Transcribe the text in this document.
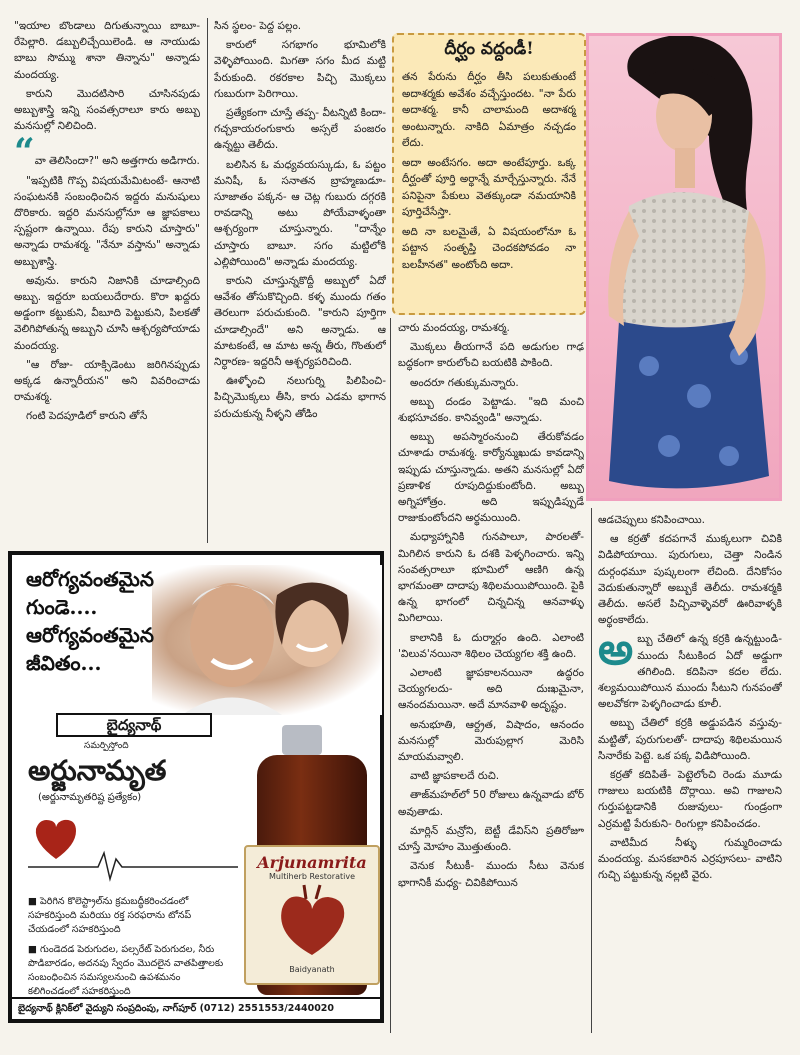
"ఇయాల బొండాలు దిగుతున్నాయి బాబూ- రేపెల్లారి. డబ్బులిచ్చేయిలెండి. ఆ నాయుడు బాబు సొమ్ము శానా తిన్నాను" అన్నాడు మందయ్య.

కారుని మొదటిసారి చూసినపుడు అబ్బుశాస్త్రి ఇన్ని సంవత్సరాలూ కారు అబ్బు మనసుల్లో నిలిచింది.

“వా తెలిసిందా?" అని అత్తగారు అడిగారు.

"ఇప్పటికి గొప్ప విషయమేమిటంటే- ఆనాటి సంఘటనకి సంబంధించిన ఇద్దరు మనుషులు దొరికారు. ఇద్దరి మనసుల్లోనూ ఆ జ్ఞాపకాలు స్పష్టంగా ఉన్నాయి. రేపు కారుని చూస్తారు" అన్నాడు రామశర్మ. "నేనూ వస్తాను" అన్నాడు అబ్బుశాస్త్రి.

అవును. కారుని నిజానికి చూడాల్సింది అబ్బు. ఇద్దరూ బయలుదేరారు. కొరా ఖద్దరు అడ్డంగా కట్టుకుని, వీబూది పెట్టుకుని, పిలకతో వెలిగిపోతున్న అబ్బుని చూసి ఆశ్చర్యపోయాడు మందయ్య.

"ఆ రోజు- యాక్సిడెంటు జరిగినప్పుడు అక్కడ ఉన్నారీయన" అని వివరించాడు రామశర్మ.

గంటి పెదపూడిలో కారుని తోసే

సిన స్థలం- పెద్ద పల్లం.

కారులో సగభాగం భూమిలోకి వెళ్ళిపోయింది. మిగతా సగం మీద మట్టి పేరుకుంది. రకరకాల పిచ్చి మొక్కలు గుబురుగా పెరిగాయి.

ప్రత్యేకంగా చూస్తే తప్ప- వీటన్నిటి కిందా- గచ్చకాయరంగుకారు అస్సలే పంజరం ఉన్నట్టు తెలీదు.

బలిసిన ఓ మధ్యవయస్కుడు, ఓ పట్టం మనిషీ, ఓ సనాతన బ్రాహ్మణుడూ- సూజాతం పక్కన- ఆ చెట్ల గుబురు దగ్గరకి రావడాన్ని అటు పోయేవాళ్ళంతా ఆశ్చర్యంగా చూస్తున్నారు. "దాన్నేం చూస్తారు బాబూ. సగం మట్టిలోకి ఎల్లిపోయింది" అన్నాడు మందయ్య.

కారుని చూస్తున్నకొద్దీ అబ్బులో ఏదో ఆవేశం తోసుకొచ్చింది. కళ్ళ ముందు గతం తెరలుగా పరుచుకుంది. "కారుని పూర్తిగా చూడాల్సిందే" అని అన్నాడు. ఆ మాటకంటే, ఆ మాట అన్న తీరు, గొంతులో నిర్ధారణ- ఇద్దరినీ ఆశ్చర్యపరిచింది.

ఊళ్ళోంచి నలుగుర్ని పిలిపించి- పిచ్చిమొక్కలు తీసి, కారు ఎడమ భాగాన పరుచుకున్న నీళ్ళని తోడిం

దీర్ఘం వద్దండీ!

తన పేరును దీర్ఘం తీసి పలుకుతుంటే అదాశర్మకు అవేశం వచ్చేస్తుందట. "నా పేరు అదాశర్మ. కానీ చాలామంది అదాశర్మ అంటున్నారు. నాకిది ఏమాత్రం నచ్చడం లేదు.

అదా అంటేసగం. అదా అంటేపూర్తు. ఒక్క దీర్ఘంతో పూర్తి అర్థాన్నే మార్చేస్తున్నారు. నేనే పనిపైనా పేకులు వెతక్కుండా నమయానికి పూర్తిచేసేస్తా.

అది నా బలమైతే, ఏ విషయంలోనూ ఓ పట్టాన సంతృప్తి చెందకపోవడం నా బలహీనత" అంటోంది అదా.

చారు మందయ్య, రామశర్మ.

మొక్కలు తీయగానే పది అడుగుల గాఢ బద్ధకంగా కారులోంచి బయటికి పాకింది.

అందరూ గతుక్కుమన్నారు.

అబ్బు దండం పెట్టాడు. "ఇది మంచి శుభసూచకం. కానివ్వండి" అన్నాడు.

అబ్బు అపస్మారంనుంచి తేరుకోవడం చూశాడు రామశర్మ. కార్యోన్ముఖుడు కావడాన్ని ఇప్పుడు చూస్తున్నాడు. అతని మనసుల్లో ఏదో ప్రణాళిక రూపుదిద్దుకుంటోంది. అబ్బు అగ్నిహోత్రం. అది ఇప్పుడిప్పుడే రాజుకుంటోందని అర్థమయింది.

మధ్యాహ్నానికి గునపాలూ, పారలతో- మిగిలిన కారుని ఓ దశకి పెళ్ళగించారు. ఇన్ని సంవత్సరాలూ భూమిలో ఆణిగి ఉన్న భాగమంతా దాదాపు శిథిలమయిపోయింది. పైకి ఉన్న భాగంలో చిన్నచిన్న ఆనవాళ్ళు మిగిలాయి.

కాలానికి ఓ దుర్మార్గం ఉంది. ఎలాంటి 'విలువ'నయినా శిథిలం చెయ్యగల శక్తి ఉంది.

ఎలాంటి జ్ఞాపకాలనయినా ఉద్ధరం చెయ్యగలదు- అది దుఃఖమైనా, ఆనందమయినా. అదే మానవాళి అదృష్టం.

అనుభూతి, ఆర్ద్రత, విషాదం, ఆనందం మనసుల్లో మెరుపుల్లాగ మెరిసి మాయమవ్వాలి.

వాటి జ్ఞాపకాలదే రుచి.

తాజ్‌మహల్‌లో 50 రోజులు ఉన్నవాడు బోర్ అవుతాడు.

మార్లిన్ మన్రోని, బెట్టీ డేవిస్‌ని ప్రతిరోజూ చూస్తే మోహం మొత్తుతుంది.

వెనుక సీటుకీ- ముందు సీటు వెనుక భాగానికీ మధ్య- చివికిపోయిన

ఆడచెప్పులు కనిపించాయి.

ఆ కర్రతో కదపగానే ముక్కలుగా చివికి విడిపోయాయి. పురుగులు, చెత్తా నిండిన దుర్గంధమూ పుష్కలంగా లేచింది. దేనికోసం వెదుకుతున్నారో అబ్బుకే తెలీదు. రామశర్మకి తెలీదు. అసలే పిచ్చివాళ్ళెవరో ఊరివాళ్ళకి అర్థంకాలేదు.

అబ్బు చేతిలో ఉన్న కర్రకి ఉన్నట్టుండి- ముందు సీటుకింద ఏదో అడ్డుగా తగిలింది. కదిపినా కదల లేదు. శల్యమయిపోయిన ముందు సీటుని గునపంతో అలవోకగా పెళ్ళగించాడు కూలీ.

అబ్బు చేతిలో కర్రకి అడ్డుపడిన వస్తువు- మట్టితో, పురుగులతో- దాదాపు శిథిలమయిన సినారేకు పెట్టె. ఒక పక్క విడిపోయింది.

కర్రతో కదిపితే- పెట్టెలోంచి రెండు మూడు గాజులు బయటికి దొర్లాయి. అవి గాజులని గుర్తుపట్టడానికి రుజువులు- గుండ్రంగా ఎర్రమట్టి పేరుకుని- రింగుల్లా కనిపించడం.

వాటిమీద నీళ్ళు గుమ్మరించాడు మందయ్య. మసకబారిన ఎర్రపూసలు- వాటిని గుచ్చి పట్టుకున్న నల్లటి వైరు.

ఆరోగ్యవంతమైన
గుండె....
ఆరోగ్యవంతమైన
జీవితం...
బైద్యనాథ్
సమర్పిస్తోంది
అర్జునామృత
(అర్జునామృతరిష్ట ప్రత్యేకం)
■ పెరిగిన కొలెస్ట్రాల్‌ను క్రమబద్ధీకరించడంలో సహకరిస్తుంది మరియు రక్త సరఫరాను టోనప్ చేయడంలో సహకరిస్తుంది
■ గుండెదడ పెరుగుదల, పల్సరేట్ పెరుగుదల, నీరు పొడిబారడం, అదనపు స్వేదం మొదలైన వాతపిత్తాలకు సంబంధించిన సమస్యలనుంచి ఉపశమనం కలిగించడంలో సహకరిస్తుంది
Arjunamrita
Multiherb Restorative
Baidyanath
బైద్యనాథ్ క్లినిక్‌లో వైద్యుని సంప్రదింపు, నాగ్‌పూర్ (0712) 2551553/2440020
